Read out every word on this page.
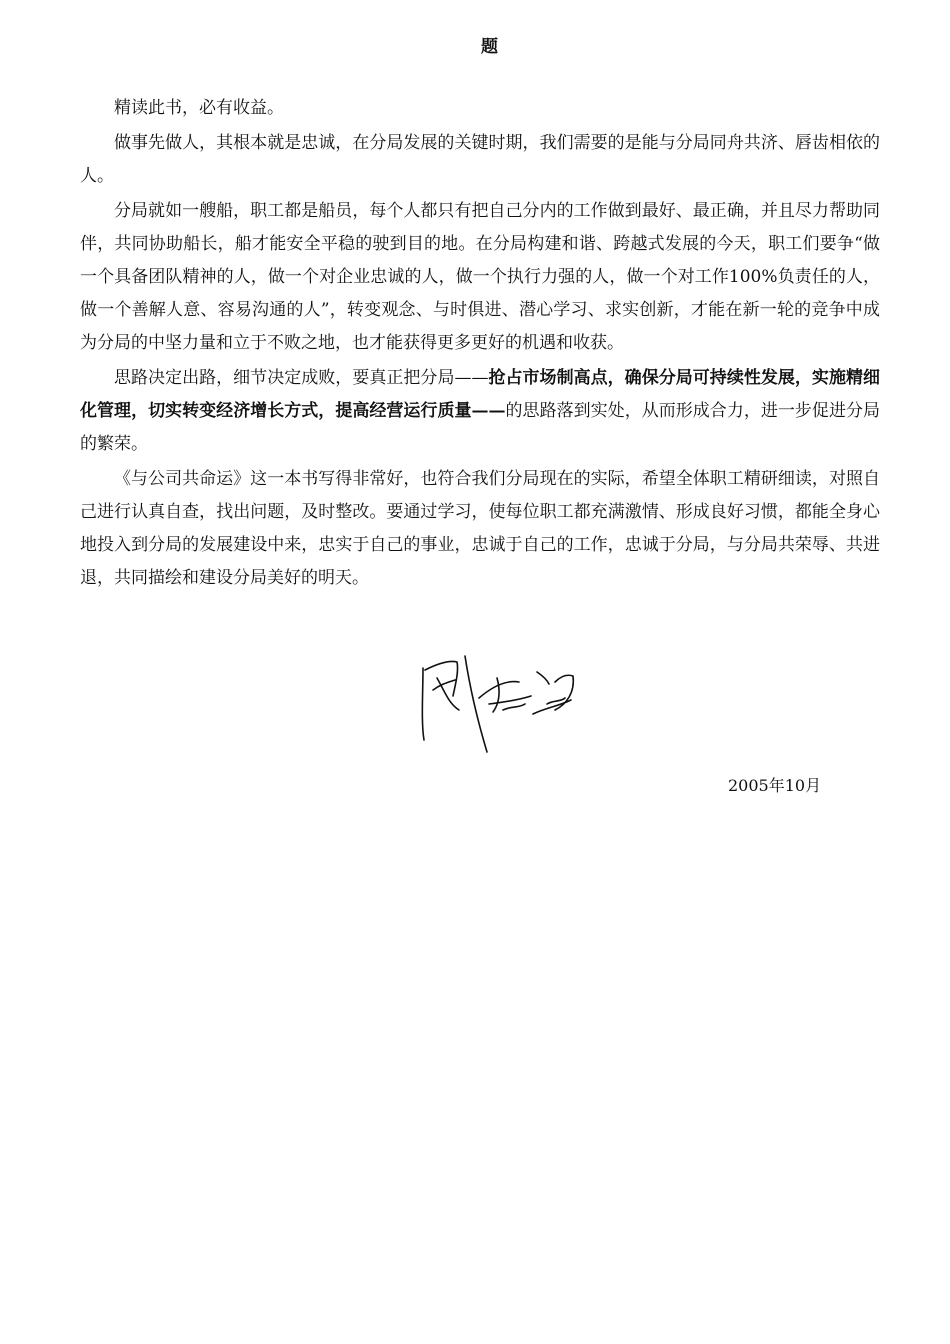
题

精读此书，必有收益。

做事先做人，其根本就是忠诚，在分局发展的关键时期，我们需要的是能与分局同舟共济、唇齿相依的人。

分局就如一艘船，职工都是船员，每个人都只有把自己分内的工作做到最好、最正确，并且尽力帮助同伴，共同协助船长，船才能安全平稳的驶到目的地。在分局构建和谐、跨越式发展的今天，职工们要争“做一个具备团队精神的人，做一个对企业忠诚的人，做一个执行力强的人，做一个对工作100%负责任的人，做一个善解人意、容易沟通的人”，转变观念、与时俱进、潜心学习、求实创新，才能在新一轮的竞争中成为分局的中坚力量和立于不败之地，也才能获得更多更好的机遇和收获。

思路决定出路，细节决定成败，要真正把分局——抢占市场制高点，确保分局可持续性发展，实施精细化管理，切实转变经济增长方式，提高经营运行质量——的思路落到实处，从而形成合力，进一步促进分局的繁荣。

《与公司共命运》这一本书写得非常好，也符合我们分局现在的实际，希望全体职工精研细读，对照自己进行认真自查，找出问题，及时整改。要通过学习，使每位职工都充满激情、形成良好习惯，都能全身心地投入到分局的发展建设中来，忠实于自己的事业，忠诚于自己的工作，忠诚于分局，与分局共荣辱、共进退，共同描绘和建设分局美好的明天。

2005年10月
